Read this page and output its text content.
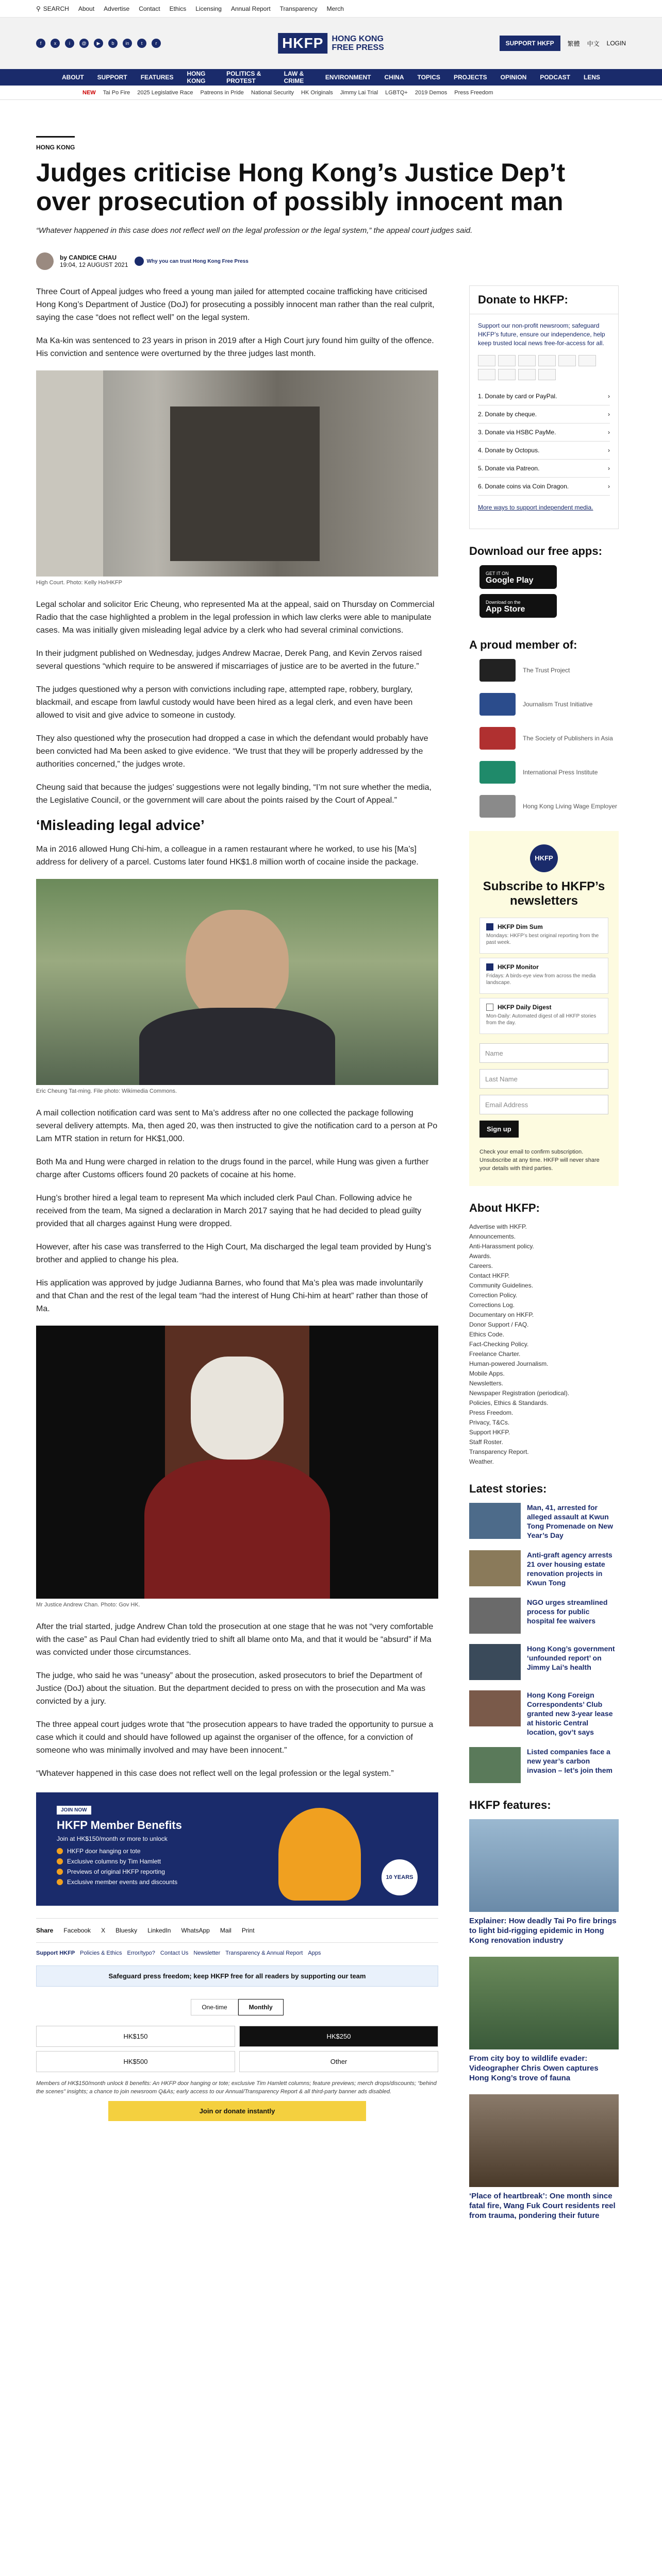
⚲ SEARCH About Advertise Contact Ethics Licensing Annual Report Transparency Merch
f	x	i	@	▶	b	in	t	r	HKFP	HONG KONG
FREE PRESS	SUPPORT HKFP	繁體 中文 LOGIN
ABOUT SUPPORT FEATURES HONG KONG
POLITICS & PROTEST
LAW & CRIME	ENVIRONMENT CHINA TOPICS PROJECTS OPINION PODCAST LENS
NEW Tai Po Fire 2025 Legislative Race Patreons in Pride National Security HK Originals Jimmy Lai Trial LGBTQ+ 2019 Demos Press Freedom
HONG KONG
Judges criticise Hong Kong’s Justice Dep’t over prosecution of possibly innocent man
“Whatever happened in this case does not reflect well on the legal profession or the legal system,” the appeal court judges said.
by CANDICE CHAU
19:04, 12 AUGUST 2021	Why you can trust Hong Kong Free Press

Three Court of Appeal judges who freed a young man jailed for attempted cocaine trafficking have criticised Hong Kong’s Department of Justice (DoJ) for prosecuting a possibly innocent man rather than the real culprit, saying the case “does not reflect well” on the legal system.

Ma Ka-kin was sentenced to 23 years in prison in 2019 after a High Court jury found him guilty of the offence. His conviction and sentence were overturned by the three judges last month.

High Court. Photo: Kelly Ho/HKFP

Legal scholar and solicitor Eric Cheung, who represented Ma at the appeal, said on Thursday on Commercial Radio that the case highlighted a problem in the legal profession in which law clerks were able to manipulate cases. Ma was initially given misleading legal advice by a clerk who had several criminal convictions.

In their judgment published on Wednesday, judges Andrew Macrae, Derek Pang, and Kevin Zervos raised several questions “which require to be answered if miscarriages of justice are to be averted in the future.”

The judges questioned why a person with convictions including rape, attempted rape, robbery, burglary, blackmail, and escape from lawful custody would have been hired as a legal clerk, and even have been allowed to visit and give advice to someone in custody.

They also questioned why the prosecution had dropped a case in which the defendant would probably have been convicted had Ma been asked to give evidence. “We trust that they will be properly addressed by the authorities concerned,” the judges wrote.

Cheung said that because the judges’ suggestions were not legally binding, “I’m not sure whether the media, the Legislative Council, or the government will care about the points raised by the Court of Appeal.”

‘Misleading legal advice’

Ma in 2016 allowed Hung Chi-him, a colleague in a ramen restaurant where he worked, to use his [Ma’s] address for delivery of a parcel. Customs later found HK$1.8 million worth of cocaine inside the package.

Eric Cheung Tat-ming. File photo: Wikimedia Commons.

A mail collection notification card was sent to Ma’s address after no one collected the package following several delivery attempts. Ma, then aged 20, was then instructed to give the notification card to a person at Po Lam MTR station in return for HK$1,000.

Both Ma and Hung were charged in relation to the drugs found in the parcel, while Hung was given a further charge after Customs officers found 20 packets of cocaine at his home.

Hung’s brother hired a legal team to represent Ma which included clerk Paul Chan. Following advice he received from the team, Ma signed a declaration in March 2017 saying that he had decided to plead guilty provided that all charges against Hung were dropped.

However, after his case was transferred to the High Court, Ma discharged the legal team provided by Hung’s brother and applied to change his plea.

His application was approved by judge Judianna Barnes, who found that Ma’s plea was made involuntarily and that Chan and the rest of the legal team “had the interest of Hung Chi-him at heart” rather than those of Ma.

Mr Justice Andrew Chan. Photo: Gov HK.

After the trial started, judge Andrew Chan told the prosecution at one stage that he was not “very comfortable with the case” as Paul Chan had evidently tried to shift all blame onto Ma, and that it would be “absurd” if Ma was convicted under those circumstances.

The judge, who said he was “uneasy” about the prosecution, asked prosecutors to brief the Department of Justice (DoJ) about the situation. But the department decided to press on with the prosecution and Ma was convicted by a jury.

The three appeal court judges wrote that “the prosecution appears to have traded the opportunity to pursue a case which it could and should have followed up against the organiser of the offence, for a conviction of someone who was minimally involved and may have been innocent.”

“Whatever happened in this case does not reflect well on the legal profession or the legal system.”

JOIN NOW
HKFP Member Benefits
Join at HK$150/month or more to unlock
HKFP door hanging or tote
Exclusive columns by Tim Hamlett
Previews of original HKFP reporting
Exclusive member events and discounts
10 YEARS
Share Facebook X Bluesky LinkedIn WhatsApp Mail Print
Support HKFP Policies & Ethics Error/typo? Contact Us Newsletter Transparency & Annual Report Apps
Safeguard press freedom; keep HKFP free for all readers by supporting our team
One-time	Monthly
HK$150	HK$250
HK$500	Other
Members of HK$150/month unlock 8 benefits: An HKFP door hanging or tote; exclusive Tim Hamlett columns; feature previews; merch drops/discounts; “behind the scenes” insights; a chance to join newsroom Q&As; early access to our Annual/Transparency Report & all third-party banner ads disabled.
Join or donate instantly
Donate to HKFP:
Support our non-profit newsroom; safeguard HKFP’s future, ensure our independence, help keep trusted local news free-for-access for all.
1. Donate by card or PayPal.	›
2. Donate by cheque.	›
3. Donate via HSBC PayMe.	›
4. Donate by Octopus.	›
5. Donate via Patreon.	›
6. Donate coins via Coin Dragon.	›
More ways to support independent media.
Download our free apps:
GET IT ON
Google Play
Download on the
App Store
A proud member of:
The Trust Project
Journalism Trust Initiative
The Society of Publishers in Asia
International Press Institute
Hong Kong Living Wage Employer
HKFP
Subscribe to HKFP’s newsletters
HKFP Dim Sum
Mondays: HKFP’s best original reporting from the past week.
HKFP Monitor
Fridays: A birds-eye view from across the media landscape.
HKFP Daily Digest
Mon-Daily: Automated digest of all HKFP stories from the day.
Name
Last Name
Email Address
Sign up
Check your email to confirm subscription. Unsubscribe at any time. HKFP will never share your details with third parties.
About HKFP:
Advertise with HKFP.
Announcements.
Anti-Harassment policy.
Awards.
Careers.
Contact HKFP.
Community Guidelines.
Correction Policy.
Corrections Log.
Documentary on HKFP.
Donor Support / FAQ.
Ethics Code.
Fact-Checking Policy.
Freelance Charter.
Human-powered Journalism.
Mobile Apps.
Newsletters.
Newspaper Registration (periodical).
Policies, Ethics & Standards.
Press Freedom.
Privacy, T&Cs.
Support HKFP.
Staff Roster.
Transparency Report.
Weather.
Latest stories:
Man, 41, arrested for alleged assault at Kwun Tong Promenade on New Year’s Day
Anti-graft agency arrests 21 over housing estate renovation projects in Kwun Tong
NGO urges streamlined process for public hospital fee waivers
Hong Kong’s government ‘unfounded report’ on Jimmy Lai’s health
Hong Kong Foreign Correspondents’ Club granted new 3-year lease at historic Central location, gov’t says
Listed companies face a new year’s carbon invasion – let’s join them
HKFP features:
Explainer: How deadly Tai Po fire brings to light bid-rigging epidemic in Hong Kong renovation industry
From city boy to wildlife evader: Videographer Chris Owen captures Hong Kong’s trove of fauna
‘Place of heartbreak’: One month since fatal fire, Wang Fuk Court residents reel from trauma, pondering their future
